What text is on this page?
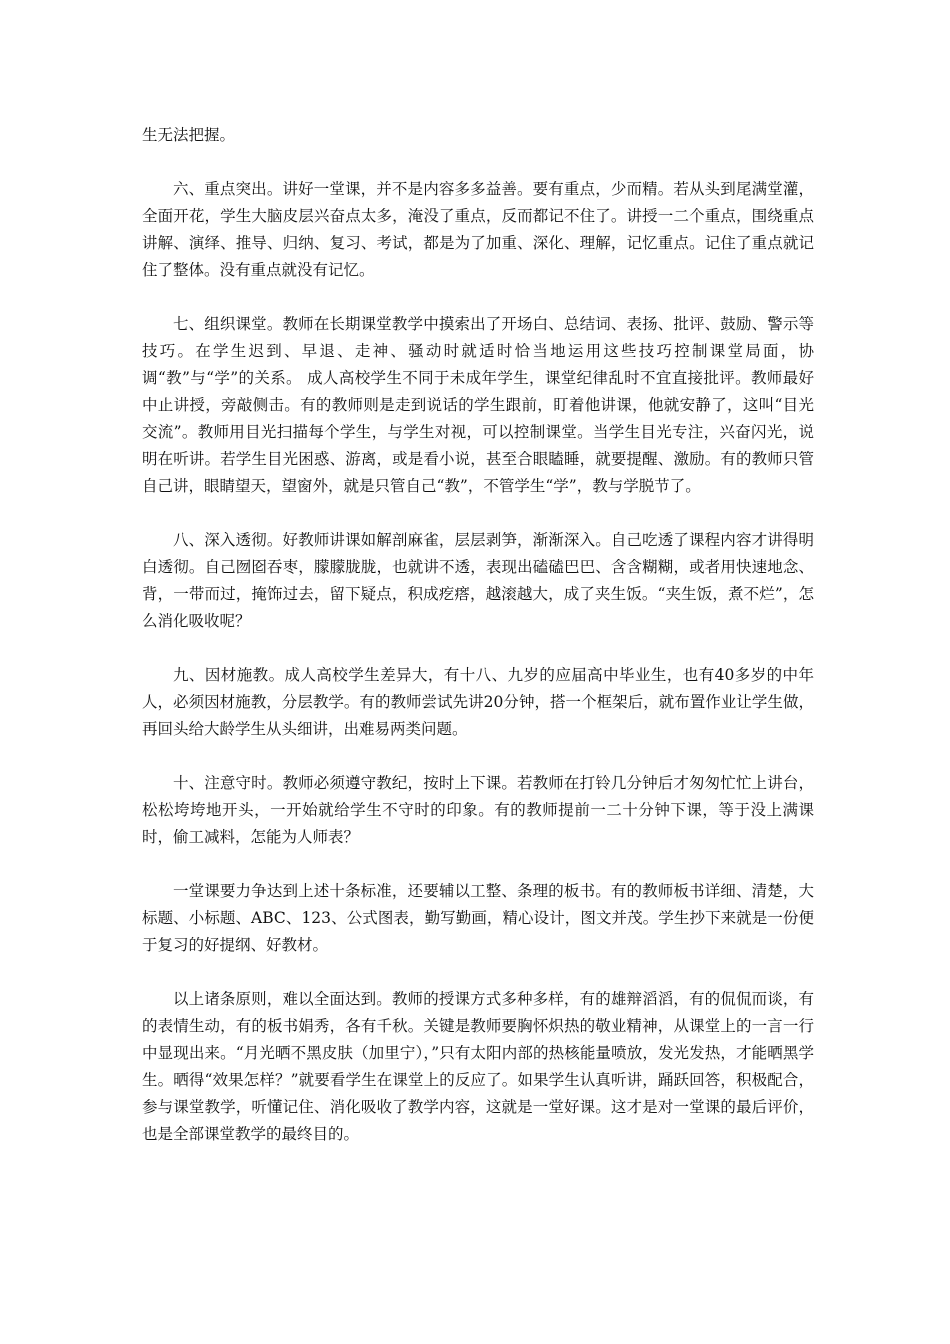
生无法把握。

六、重点突出。讲好一堂课，并不是内容多多益善。要有重点，少而精。若从头到尾满堂灌，全面开花，学生大脑皮层兴奋点太多，淹没了重点，反而都记不住了。讲授一二个重点，围绕重点讲解、演绎、推导、归纳、复习、考试，都是为了加重、深化、理解，记忆重点。记住了重点就记住了整体。没有重点就没有记忆。

七、组织课堂。教师在长期课堂教学中摸索出了开场白、总结词、表扬、批评、鼓励、警示等技巧。在学生迟到、早退、走神、骚动时就适时恰当地运用这些技巧控制课堂局面，协调“教”与“学”的关系。 成人高校学生不同于未成年学生，课堂纪律乱时不宜直接批评。教师最好中止讲授，旁敲侧击。有的教师则是走到说话的学生跟前，盯着他讲课，他就安静了，这叫“目光交流”。教师用目光扫描每个学生，与学生对视，可以控制课堂。当学生目光专注，兴奋闪光，说明在听讲。若学生目光困惑、游离，或是看小说，甚至合眼瞌睡，就要提醒、激励。有的教师只管自己讲，眼睛望天，望窗外，就是只管自己“教”，不管学生“学”，教与学脱节了。

八、深入透彻。好教师讲课如解剖麻雀，层层剥笋，渐渐深入。自己吃透了课程内容才讲得明白透彻。自己囫囵吞枣，朦朦胧胧，也就讲不透，表现出磕磕巴巴、含含糊糊，或者用快速地念、背，一带而过，掩饰过去，留下疑点，积成疙瘩，越滚越大，成了夹生饭。“夹生饭，煮不烂”，怎么消化吸收呢？

九、因材施教。成人高校学生差异大，有十八、九岁的应届高中毕业生，也有40多岁的中年人，必须因材施教，分层教学。有的教师尝试先讲20分钟，搭一个框架后，就布置作业让学生做，再回头给大龄学生从头细讲，出难易两类问题。

十、注意守时。教师必须遵守教纪，按时上下课。若教师在打铃几分钟后才匆匆忙忙上讲台，松松垮垮地开头，一开始就给学生不守时的印象。有的教师提前一二十分钟下课，等于没上满课时，偷工减料，怎能为人师表？

一堂课要力争达到上述十条标准，还要辅以工整、条理的板书。有的教师板书详细、清楚，大标题、小标题、ABC、123、公式图表，勤写勤画，精心设计，图文并茂。学生抄下来就是一份便于复习的好提纲、好教材。

以上诸条原则，难以全面达到。教师的授课方式多种多样，有的雄辩滔滔，有的侃侃而谈，有的表情生动，有的板书娟秀，各有千秋。关键是教师要胸怀炽热的敬业精神，从课堂上的一言一行中显现出来。“月光晒不黑皮肤（加里宁），”只有太阳内部的热核能量喷放，发光发热，才能晒黑学生。晒得“效果怎样？”就要看学生在课堂上的反应了。如果学生认真听讲，踊跃回答，积极配合，参与课堂教学，听懂记住、消化吸收了教学内容，这就是一堂好课。这才是对一堂课的最后评价，也是全部课堂教学的最终目的。
